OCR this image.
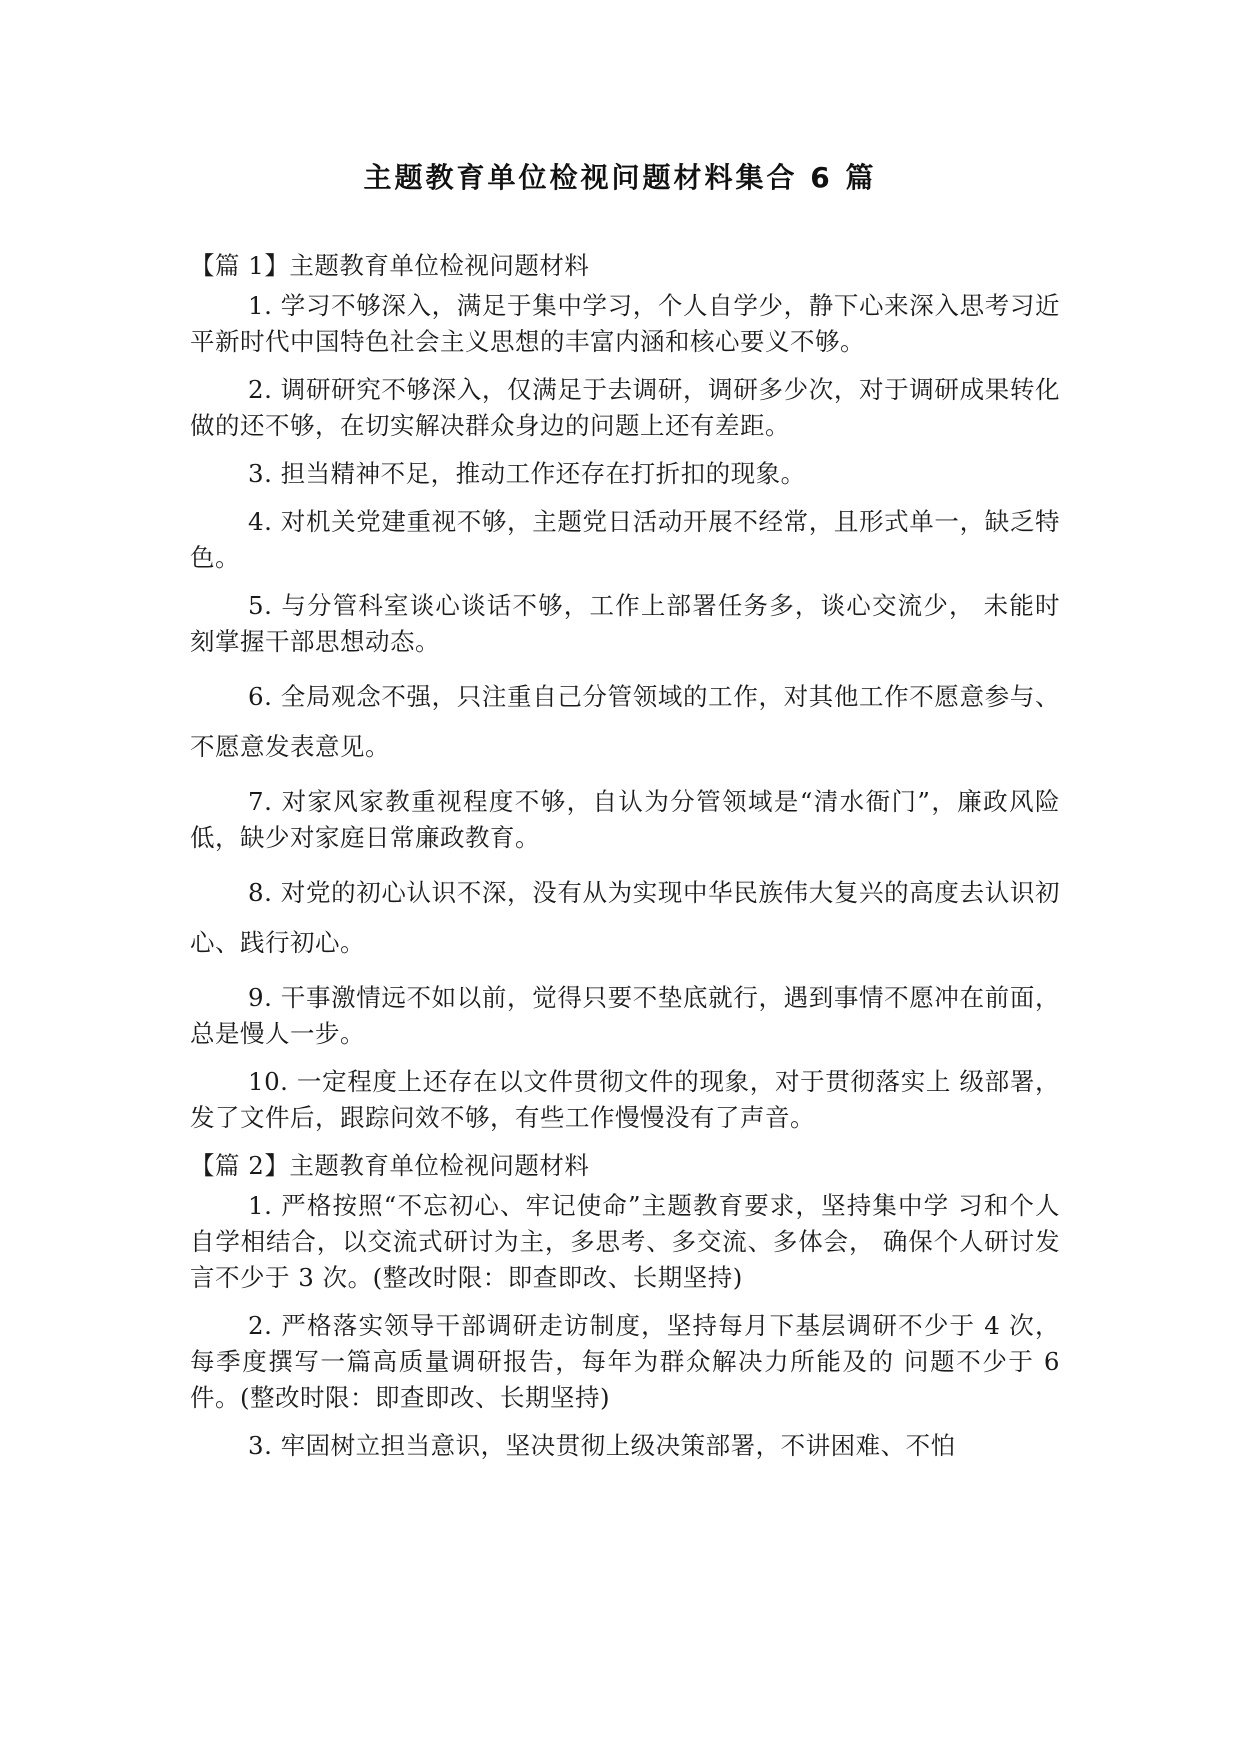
主题教育单位检视问题材料集合 6 篇
【篇 1】主题教育单位检视问题材料

1. 学习不够深入，满足于集中学习，个人自学少，静下心来深入思考习近平新时代中国特色社会主义思想的丰富内涵和核心要义不够。

2. 调研研究不够深入，仅满足于去调研，调研多少次，对于调研成果转化做的还不够，在切实解决群众身边的问题上还有差距。

3. 担当精神不足，推动工作还存在打折扣的现象。

4. 对机关党建重视不够，主题党日活动开展不经常，且形式单一，缺乏特色。

5. 与分管科室谈心谈话不够，工作上部署任务多，谈心交流少， 未能时刻掌握干部思想动态。

6. 全局观念不强，只注重自己分管领域的工作，对其他工作不愿意参与、不愿意发表意见。

7. 对家风家教重视程度不够，自认为分管领域是“清水衙门”，廉政风险低，缺少对家庭日常廉政教育。

8. 对党的初心认识不深，没有从为实现中华民族伟大复兴的高度去认识初心、践行初心。

9. 干事激情远不如以前，觉得只要不垫底就行，遇到事情不愿冲在前面，总是慢人一步。

10. 一定程度上还存在以文件贯彻文件的现象，对于贯彻落实上 级部署，发了文件后，跟踪问效不够，有些工作慢慢没有了声音。

【篇 2】主题教育单位检视问题材料

1. 严格按照“不忘初心、牢记使命”主题教育要求，坚持集中学 习和个人自学相结合，以交流式研讨为主，多思考、多交流、多体会， 确保个人研讨发言不少于 3 次。(整改时限：即查即改、长期坚持)

2. 严格落实领导干部调研走访制度，坚持每月下基层调研不少于 4 次，每季度撰写一篇高质量调研报告，每年为群众解决力所能及的 问题不少于 6 件。(整改时限：即查即改、长期坚持)

3. 牢固树立担当意识，坚决贯彻上级决策部署，不讲困难、不怕
